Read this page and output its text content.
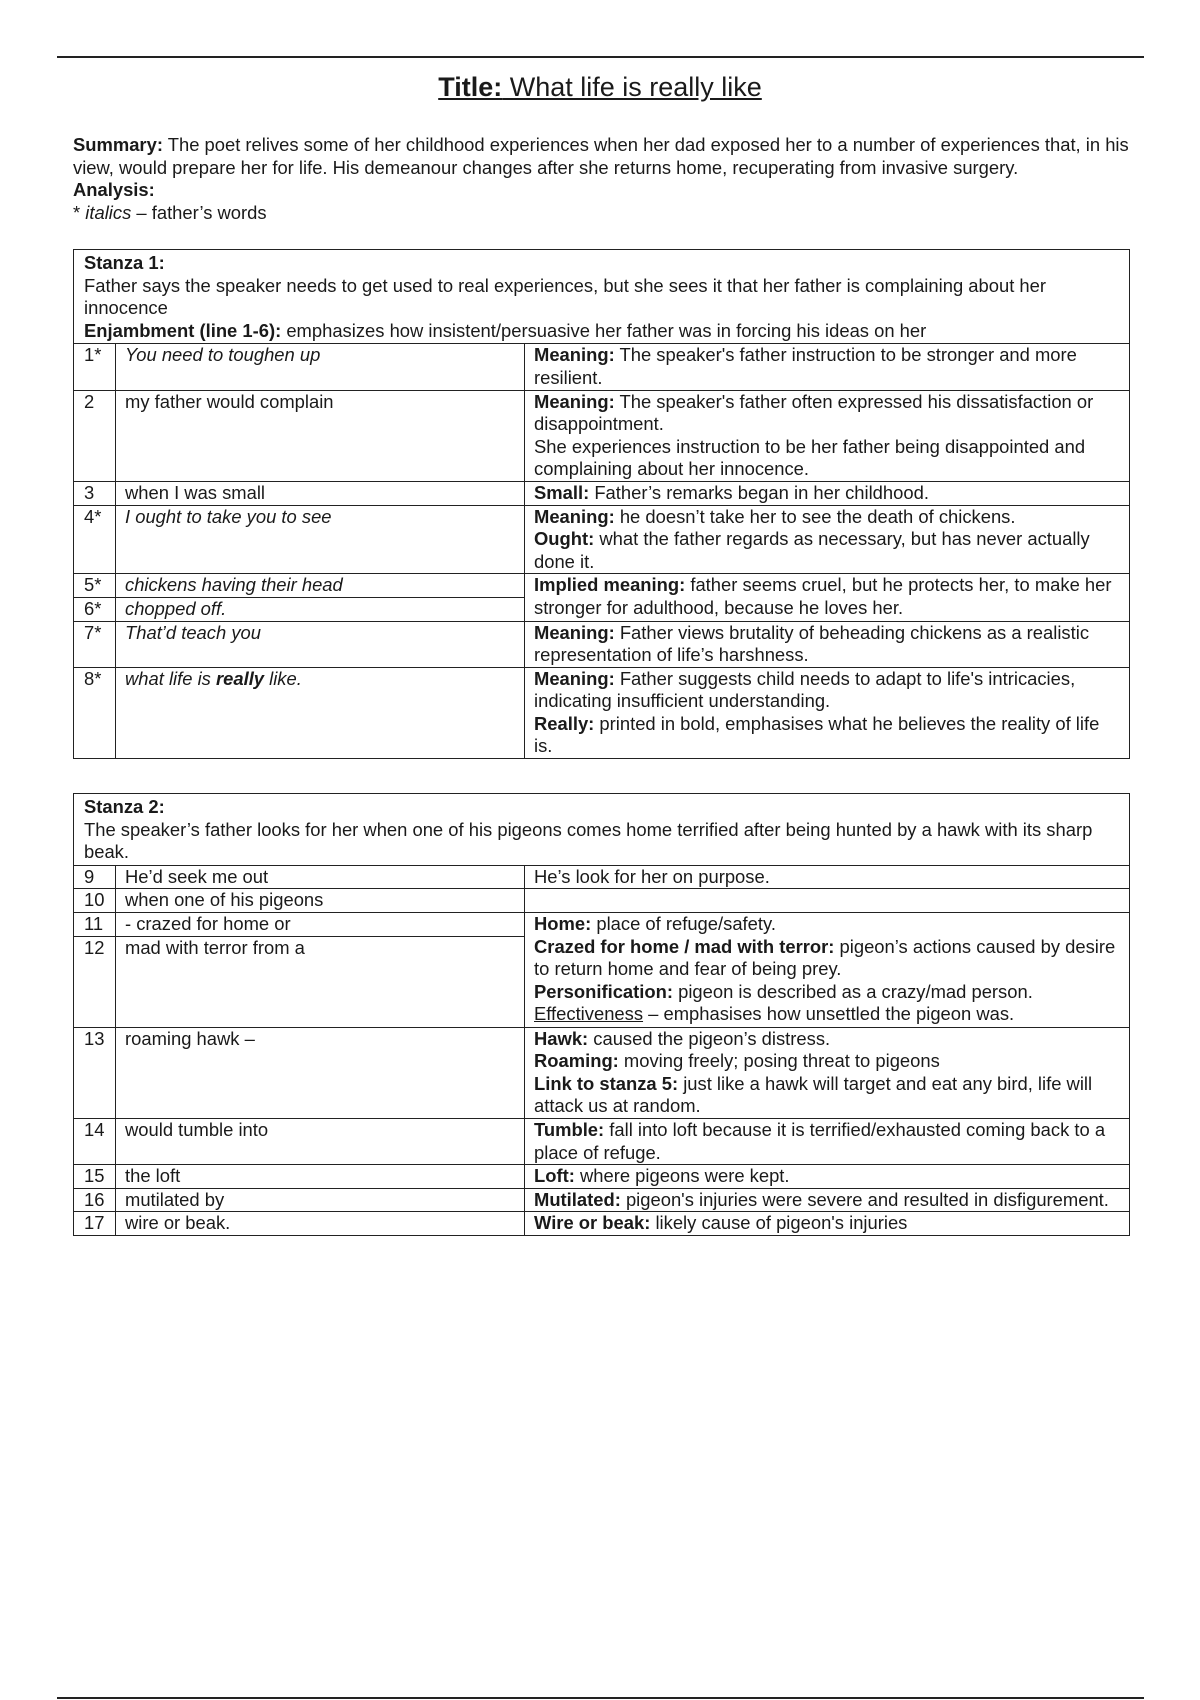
Title: What life is really like

Summary: The poet relives some of her childhood experiences when her dad exposed her to a number of experiences that, in his view, would prepare her for life. His demeanour changes after she returns home, recuperating from invasive surgery.

Analysis:

* italics – father’s words

Stanza 1:

Father says the speaker needs to get used to real experiences, but she sees it that her father is complaining about her innocence

Enjambment (line 1-6): emphasizes how insistent/persuasive her father was in forcing his ideas on her

1*	You need to toughen up	Meaning: The speaker's father instruction to be stronger and more resilient.
2	my father would complain	Meaning: The speaker's father often expressed his dissatisfaction or disappointment.
She experiences instruction to be her father being disappointed and complaining about her innocence.
3	when I was small	Small: Father’s remarks began in her childhood.
4*	I ought to take you to see	Meaning: he doesn’t take her to see the death of chickens.
Ought: what the father regards as necessary, but has never actually done it.
5*	chickens having their head	Implied meaning: father seems cruel, but he protects her, to make her stronger for adulthood, because he loves her.
6*	chopped off.	
7*	That’d teach you	Meaning: Father views brutality of beheading chickens as a realistic representation of life’s harshness.
8*	what life is really like.	Meaning: Father suggests child needs to adapt to life's intricacies, indicating insufficient understanding.
Really: printed in bold, emphasises what he believes the reality of life is.

Stanza 2:

The speaker’s father looks for her when one of his pigeons comes home terrified after being hunted by a hawk with its sharp beak.

9	He’d seek me out	He’s look for her on purpose.
10	when one of his pigeons	
11	- crazed for home or	Home: place of refuge/safety.
Crazed for home / mad with terror: pigeon’s actions caused by desire to return home and fear of being prey.
Personification: pigeon is described as a crazy/mad person.
Effectiveness – emphasises how unsettled the pigeon was.
12	mad with terror from a	
13	roaming hawk –	Hawk: caused the pigeon’s distress.
Roaming: moving freely; posing threat to pigeons
Link to stanza 5: just like a hawk will target and eat any bird, life will attack us at random.
14	would tumble into	Tumble: fall into loft because it is terrified/exhausted coming back to a place of refuge.
15	the loft	Loft: where pigeons were kept.
16	mutilated by	Mutilated: pigeon's injuries were severe and resulted in disfigurement.
17	wire or beak.	Wire or beak: likely cause of pigeon's injuries
